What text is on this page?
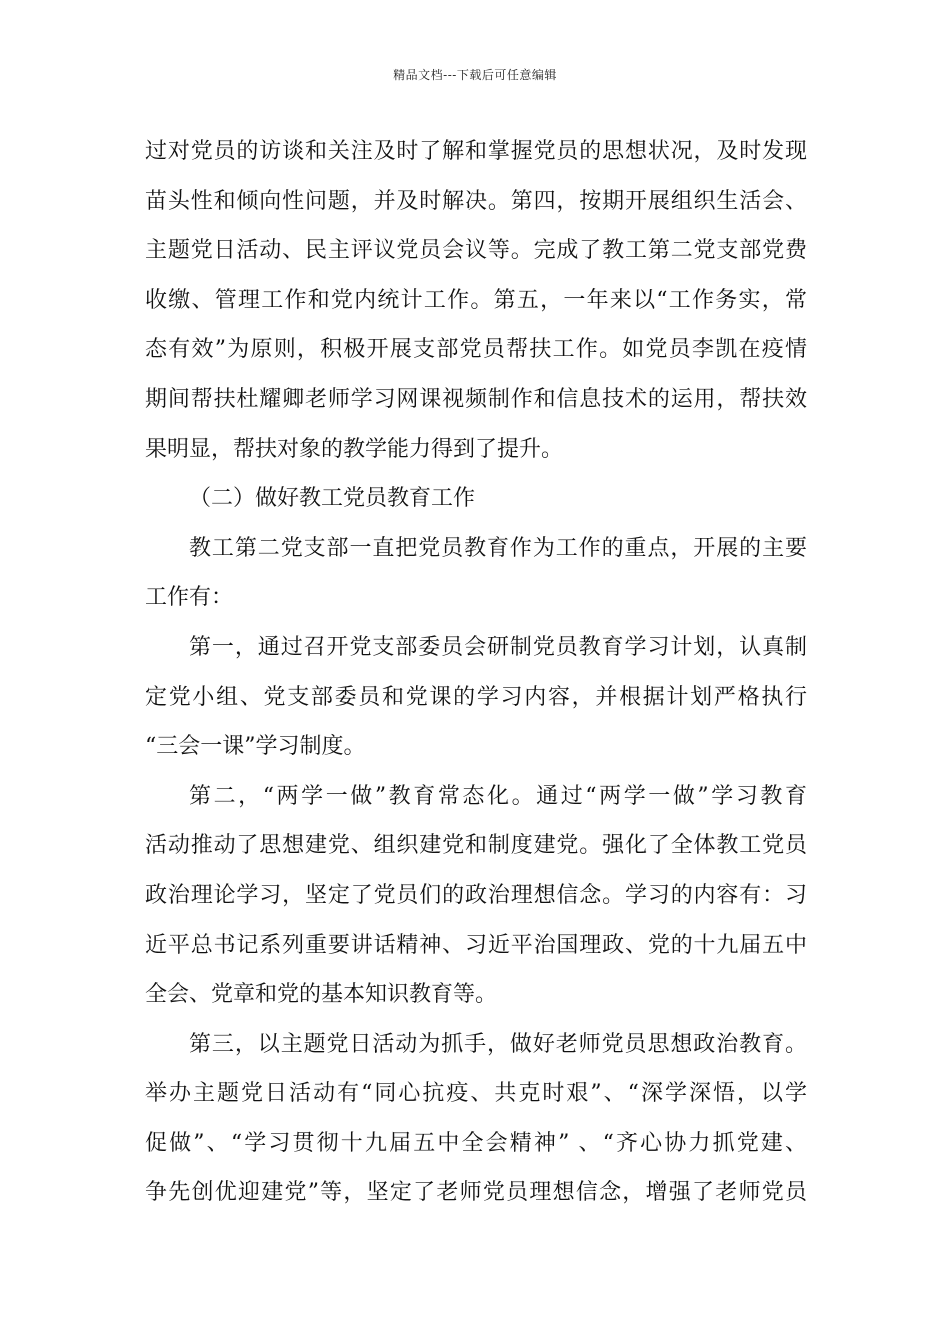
精品文档---下载后可任意编辑
过对党员的访谈和关注及时了解和掌握党员的思想状况，及时发现
苗头性和倾向性问题，并及时解决。第四，按期开展组织生活会、
主题党日活动、民主评议党员会议等。完成了教工第二党支部党费
收缴、管理工作和党内统计工作。第五，一年来以“工作务实，常
态有效”为原则，积极开展支部党员帮扶工作。如党员李凯在疫情
期间帮扶杜耀卿老师学习网课视频制作和信息技术的运用，帮扶效
果明显，帮扶对象的教学能力得到了提升。
（二）做好教工党员教育工作
教工第二党支部一直把党员教育作为工作的重点，开展的主要
工作有：
第一，通过召开党支部委员会研制党员教育学习计划，认真制
定党小组、党支部委员和党课的学习内容，并根据计划严格执行
“三会一课”学习制度。
第二，“两学一做”教育常态化。通过“两学一做”学习教育
活动推动了思想建党、组织建党和制度建党。强化了全体教工党员
政治理论学习，坚定了党员们的政治理想信念。学习的内容有：习
近平总书记系列重要讲话精神、习近平治国理政、党的十九届五中
全会、党章和党的基本知识教育等。
第三，以主题党日活动为抓手，做好老师党员思想政治教育。
举办主题党日活动有“同心抗疫、共克时艰”、“深学深悟，以学
促做”、“学习贯彻十九届五中全会精神” 、“齐心协力抓党建、
争先创优迎建党”等，坚定了老师党员理想信念，增强了老师党员
